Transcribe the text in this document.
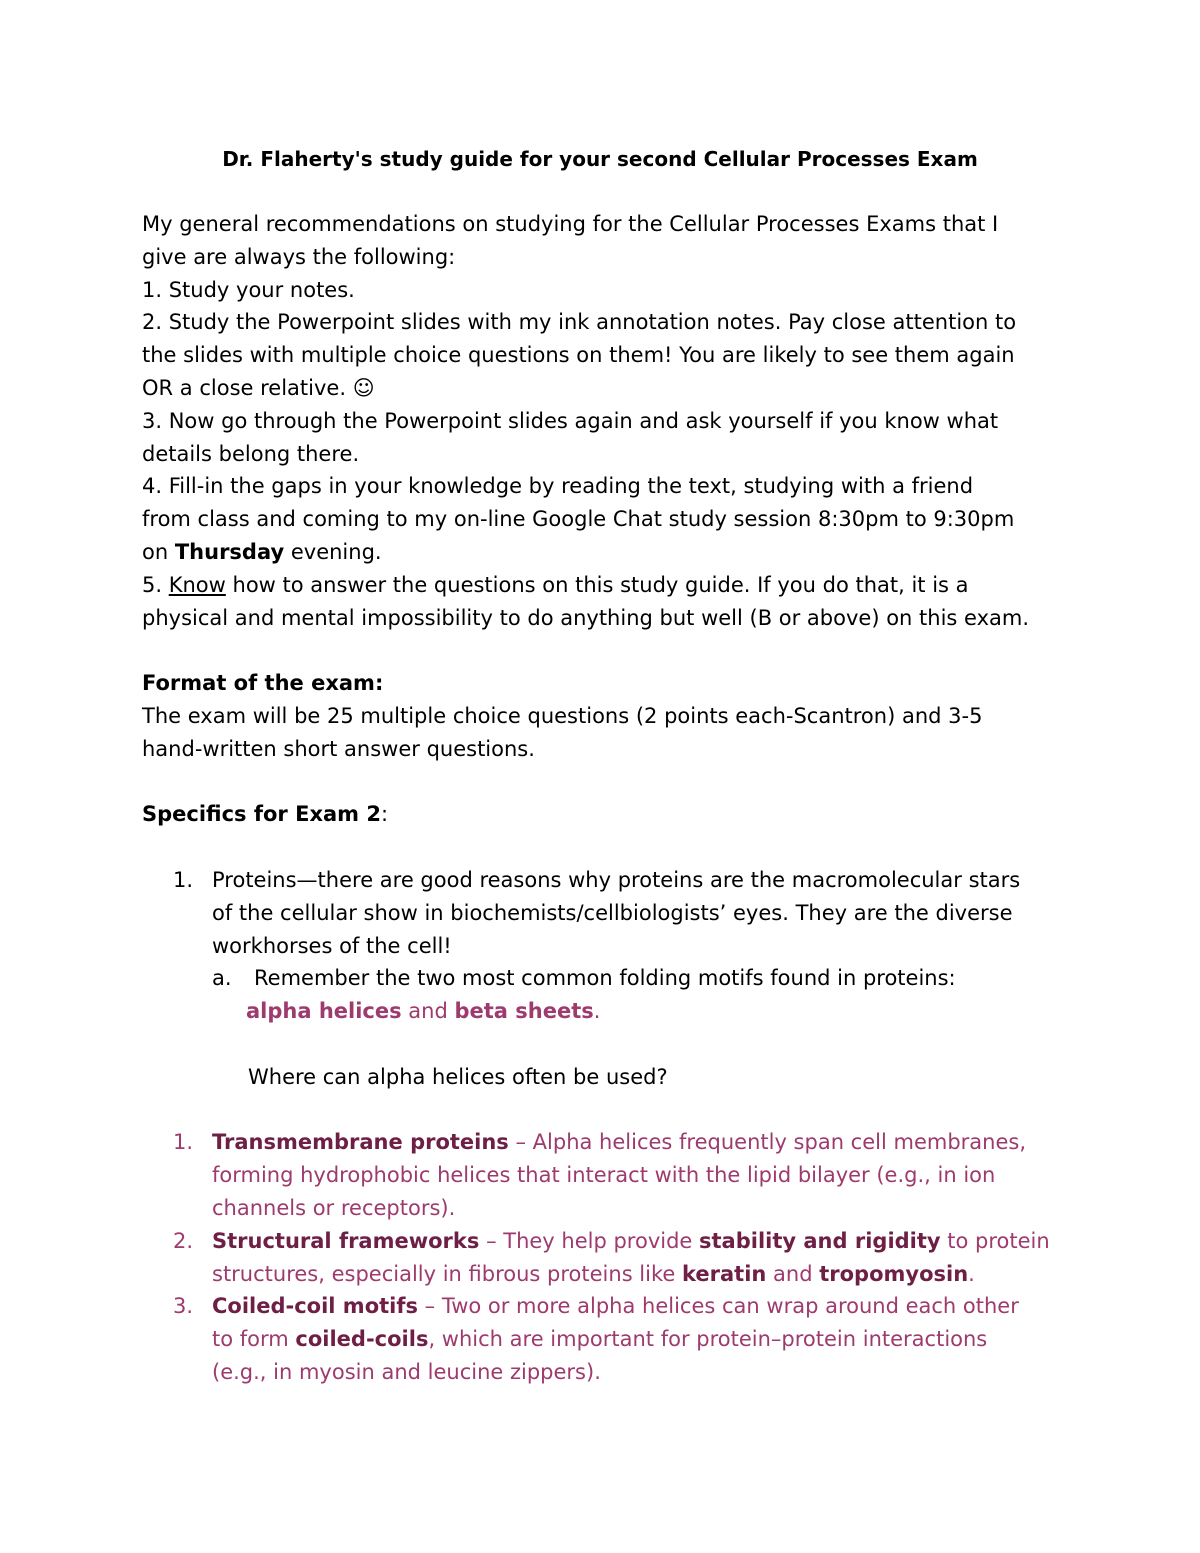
Dr. Flaherty's study guide for your second Cellular Processes Exam

My general recommendations on studying for the Cellular Processes Exams that I

give are always the following:

1. Study your notes.

2. Study the Powerpoint slides with my ink annotation notes. Pay close attention to

the slides with multiple choice questions on them! You are likely to see them again

OR a close relative. ☺

3. Now go through the Powerpoint slides again and ask yourself if you know what

details belong there.

4. Fill-in the gaps in your knowledge by reading the text, studying with a friend

from class and coming to my on-line Google Chat study session 8:30pm to 9:30pm

on Thursday evening.

5. Know how to answer the questions on this study guide. If you do that, it is a

physical and mental impossibility to do anything but well (B or above) on this exam.

Format of the exam:

The exam will be 25 multiple choice questions (2 points each-Scantron) and 3-5

hand-written short answer questions.

Specifics for Exam 2:

1. Proteins—there are good reasons why proteins are the macromolecular stars

of the cellular show in biochemists/cellbiologists’ eyes. They are the diverse

workhorses of the cell!

a. Remember the two most common folding motifs found in proteins:

alpha helices and beta sheets.

Where can alpha helices often be used?

1. Transmembrane proteins – Alpha helices frequently span cell membranes,

forming hydrophobic helices that interact with the lipid bilayer (e.g., in ion

channels or receptors).

2. Structural frameworks – They help provide stability and rigidity to protein

structures, especially in fibrous proteins like keratin and tropomyosin.

3. Coiled-coil motifs – Two or more alpha helices can wrap around each other

to form coiled-coils, which are important for protein–protein interactions

(e.g., in myosin and leucine zippers).
